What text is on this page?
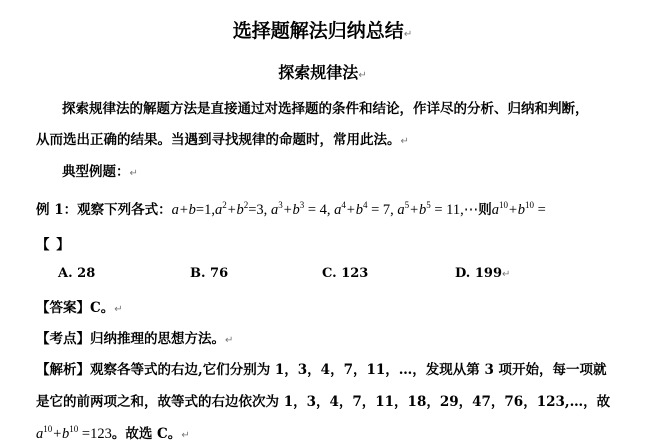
选择题解法归纳总结↵
探索规律法↵
探索规律法的解题方法是直接通过对选择题的条件和结论，作详尽的分析、归纳和判断，
从而选出正确的结果。当遇到寻找规律的命题时，常用此法。↵
典型例题：↵
例 1：观察下列各式：$a+b=1,a^2+b^2=3$, $a^3+b^3 = 4$, $a^4+b^4 = 7$, $a^5+b^5$ = 11,⋯则$a^{10}+b^{10}$ =
【 】
A. 28	B. 76	C. 123	D. 199↵
【答案】C。↵
【考点】归纳推理的思想方法。↵
【解析】观察各等式的右边,它们分别为 1，3，4，7，11，…，发现从第 3 项开始，每一项就
是它的前两项之和，故等式的右边依次为 1，3，4，7，11，18，29，47，76，123,…，故
$a^{10}+b^{10} =123$。故选 C。↵
